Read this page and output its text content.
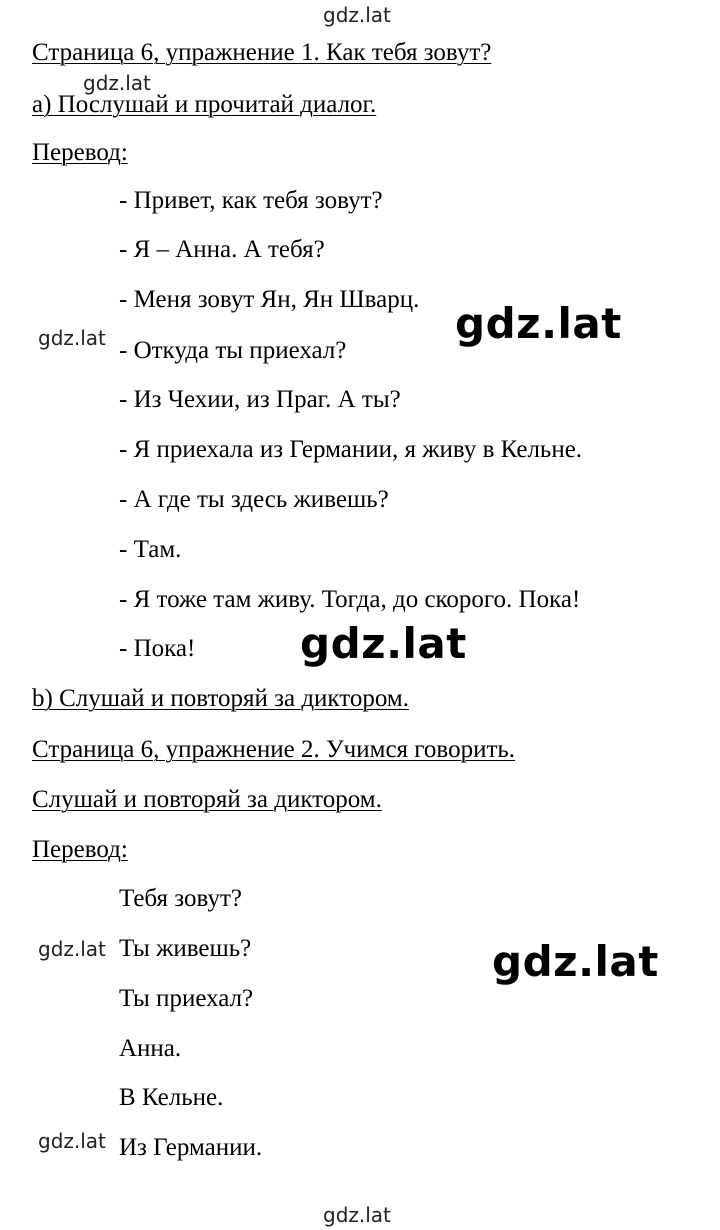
gdz.lat
gdz.lat
gdz.lat
gdz.lat
gdz.lat
gdz.lat
Страница 6, упражнение 1. Как тебя зовут?
a) Послушай и прочитай диалог.
Перевод:
- Привет, как тебя зовут?
- Я – Анна. А тебя?
- Меня зовут Ян, Ян Шварц.
- Откуда ты приехал?
- Из Чехии, из Праг. А ты?
- Я приехала из Германии, я живу в Кельне.
- А где ты здесь живешь?
- Там.
- Я тоже там живу. Тогда, до скорого. Пока!
- Пока!
b) Слушай и повторяй за диктором.
Страница 6, упражнение 2. Учимся говорить.
Слушай и повторяй за диктором.
Перевод:
Тебя зовут?
Ты живешь?
Ты приехал?
Анна.
В Кельне.
Из Германии.
gdz.lat
gdz.lat
gdz.lat
